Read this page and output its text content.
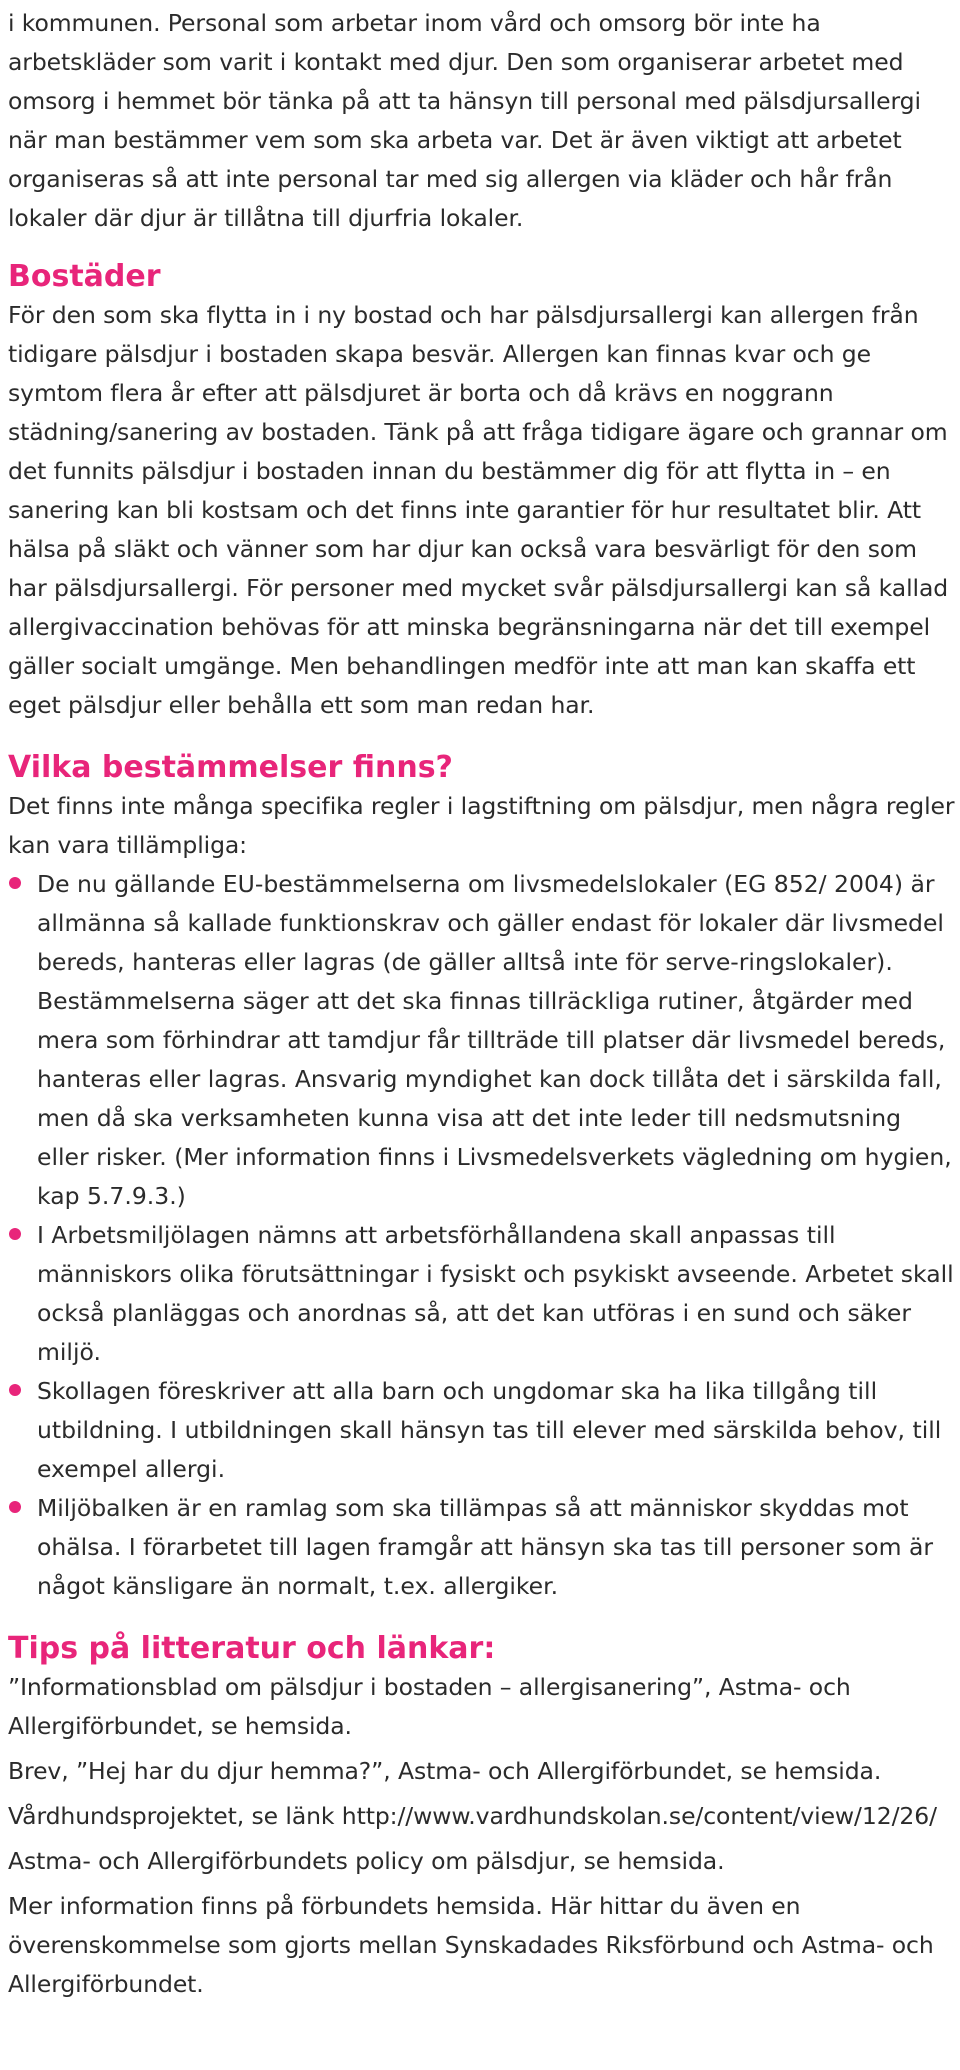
i kommunen. Personal som arbetar inom vård och omsorg bör inte ha arbetskläder som varit i kontakt med djur. Den som organiserar arbetet med omsorg i hemmet bör tänka på att ta hänsyn till personal med pälsdjursallergi när man bestämmer vem som ska arbeta var. Det är även viktigt att arbetet organiseras så att inte personal tar med sig allergen via kläder och hår från lokaler där djur är tillåtna till djurfria lokaler.

Bostäder

För den som ska flytta in i ny bostad och har pälsdjursallergi kan allergen från tidigare pälsdjur i bostaden skapa besvär. Allergen kan finnas kvar och ge symtom flera år efter att pälsdjuret är borta och då krävs en noggrann städning/sanering av bostaden. Tänk på att fråga tidigare ägare och grannar om det funnits pälsdjur i bostaden innan du bestämmer dig för att flytta in – en sanering kan bli kostsam och det finns inte garantier för hur resultatet blir. Att hälsa på släkt och vänner som har djur kan också vara besvärligt för den som har pälsdjursallergi. För personer med mycket svår pälsdjursallergi kan så kallad allergivaccination behövas för att minska begränsningarna när det till exempel gäller socialt umgänge. Men behandlingen medför inte att man kan skaffa ett eget pälsdjur eller behålla ett som man redan har.

Vilka bestämmelser finns?

Det finns inte många specifika regler i lagstiftning om pälsdjur, men några regler kan vara tillämpliga:

De nu gällande EU-bestämmelserna om livsmedelslokaler (EG 852/ 2004) är allmänna så kallade funktionskrav och gäller endast för lokaler där livsmedel bereds, hanteras eller lagras (de gäller alltså inte för serve-ringslokaler). Bestämmelserna säger att det ska finnas tillräckliga rutiner, åtgärder med mera som förhindrar att tamdjur får tillträde till platser där livsmedel bereds, hanteras eller lagras. Ansvarig myndighet kan dock tillåta det i särskilda fall, men då ska verksamheten kunna visa att det inte leder till nedsmutsning eller risker. (Mer information finns i Livsmedelsverkets vägledning om hygien, kap 5.7.9.3.)
I Arbetsmiljölagen nämns att arbetsförhållandena skall anpassas till människors olika förutsättningar i fysiskt och psykiskt avseende. Arbetet skall också planläggas och anordnas så, att det kan utföras i en sund och säker miljö.
Skollagen föreskriver att alla barn och ungdomar ska ha lika tillgång till utbildning. I utbildningen skall hänsyn tas till elever med särskilda behov, till exempel allergi.
Miljöbalken är en ramlag som ska tillämpas så att människor skyddas mot ohälsa. I förarbetet till lagen framgår att hänsyn ska tas till personer som är något känsligare än normalt, t.ex. allergiker.
Tips på litteratur och länkar:

”Informationsblad om pälsdjur i bostaden – allergisanering”, Astma- och Allergiförbundet, se hemsida.

Brev, ”Hej har du djur hemma?”, Astma- och Allergiförbundet, se hemsida.

Vårdhundsprojektet, se länk http://www.vardhundskolan.se/content/view/12/26/

Astma- och Allergiförbundets policy om pälsdjur, se hemsida.

Mer information finns på förbundets hemsida. Här hittar du även en överenskommelse som gjorts mellan Synskadades Riksförbund och Astma- och Allergiförbundet.
